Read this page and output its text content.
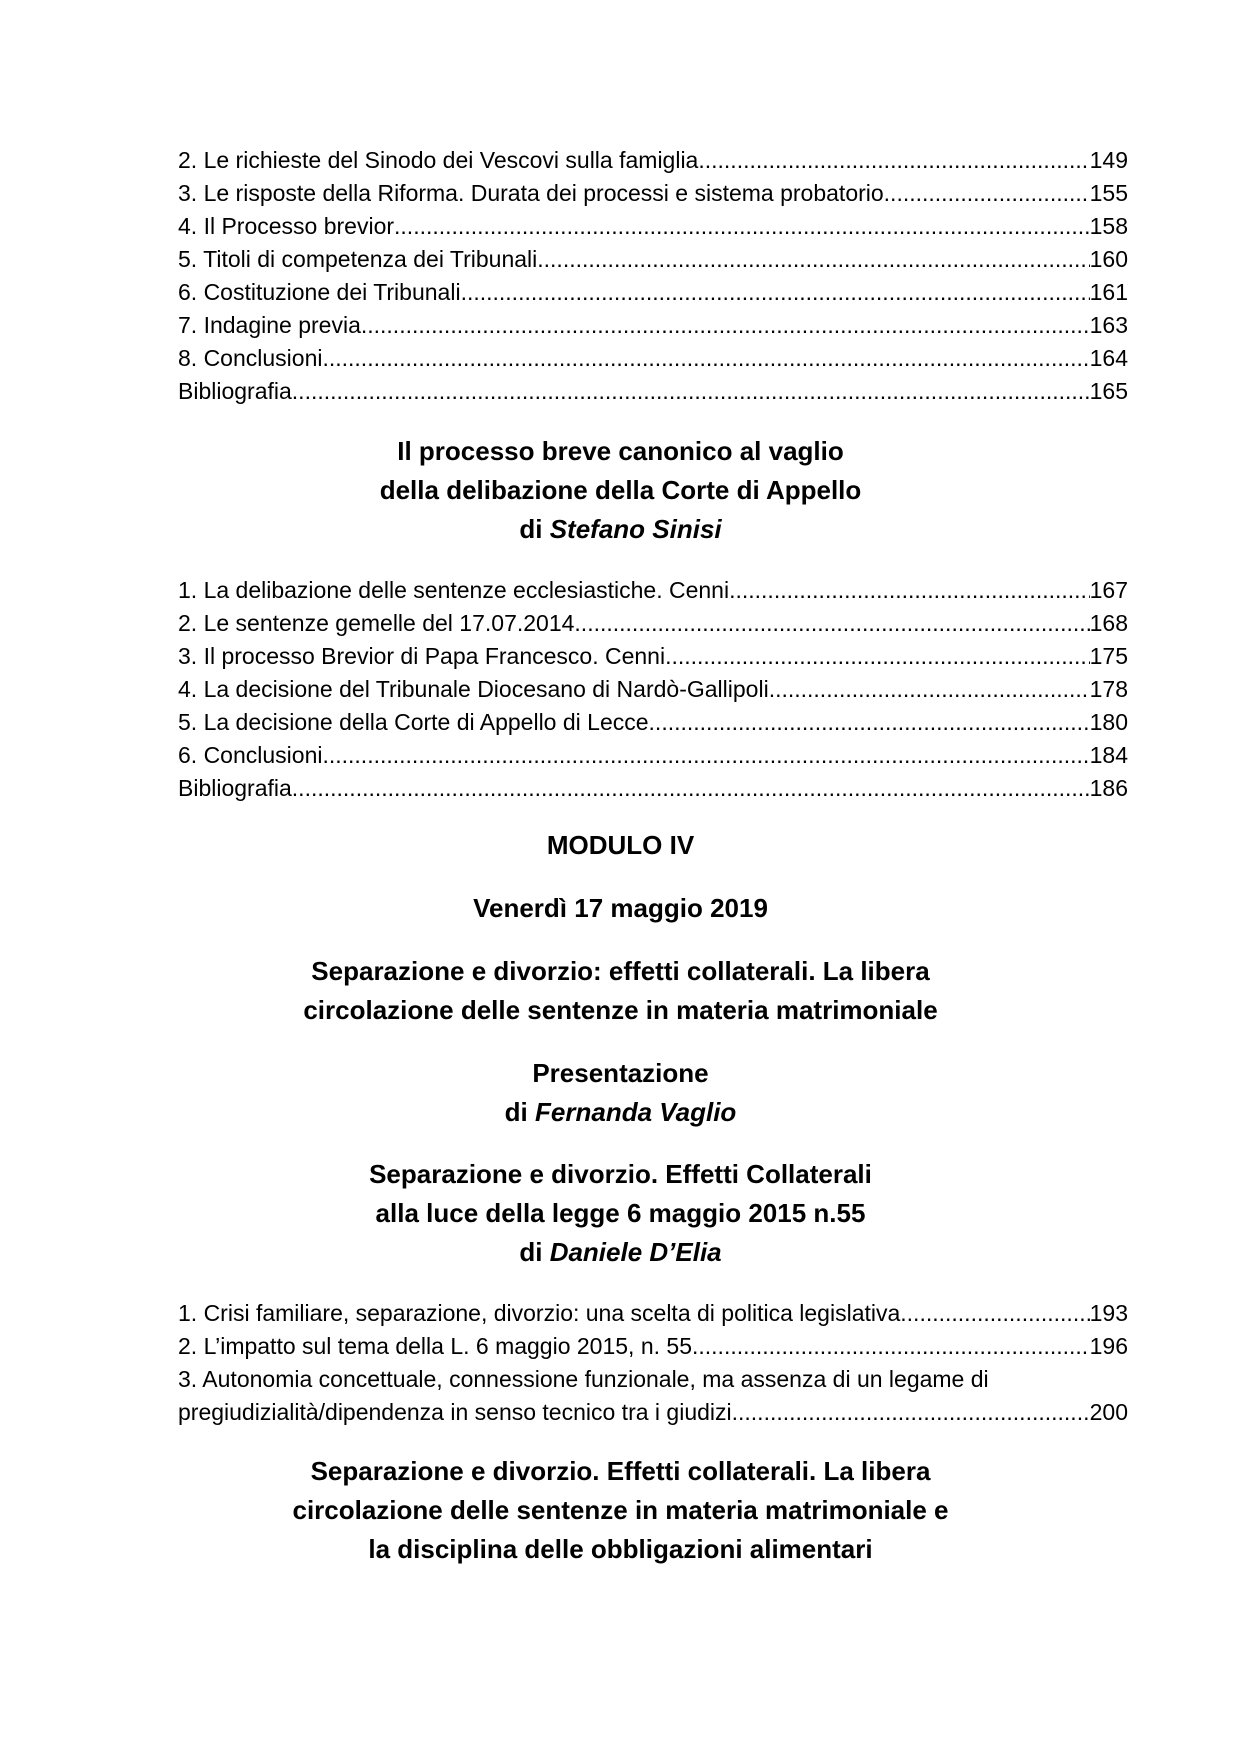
2. Le richieste del Sinodo dei Vescovi sulla famiglia .....	149
3. Le risposte della Riforma. Durata dei processi e sistema probatorio .....	155
4. Il Processo brevior .....	158
5. Titoli di competenza dei Tribunali .....	160
6. Costituzione dei Tribunali .....	161
7. Indagine previa .....	163
8. Conclusioni .....	164
Bibliografia .....	165
Il processo breve canonico al vaglio
della delibazione della Corte di Appello
di Stefano Sinisi
1. La delibazione delle sentenze ecclesiastiche. Cenni .....	167
2. Le sentenze gemelle del 17.07.2014 .....	168
3. Il processo Brevior di Papa Francesco. Cenni .....	175
4. La decisione del Tribunale Diocesano di Nardò-Gallipoli .....	178
5. La decisione della Corte di Appello di Lecce .....	180
6. Conclusioni .....	184
Bibliografia .....	186
MODULO IV
Venerdì 17 maggio 2019
Separazione e divorzio: effetti collaterali. La libera
circolazione delle sentenze in materia matrimoniale
Presentazione
di Fernanda Vaglio
Separazione e divorzio. Effetti Collaterali
alla luce della legge 6 maggio 2015 n.55
di Daniele D’Elia
1. Crisi familiare, separazione, divorzio: una scelta di politica legislativa .....	193
2. L’impatto sul tema della L. 6 maggio 2015, n. 55 .....	196
3. Autonomia concettuale, connessione funzionale, ma assenza di un legame di
pregiudizialità/dipendenza in senso tecnico tra i giudizi .....	200
Separazione e divorzio. Effetti collaterali. La libera
circolazione delle sentenze in materia matrimoniale e
la disciplina delle obbligazioni alimentari
